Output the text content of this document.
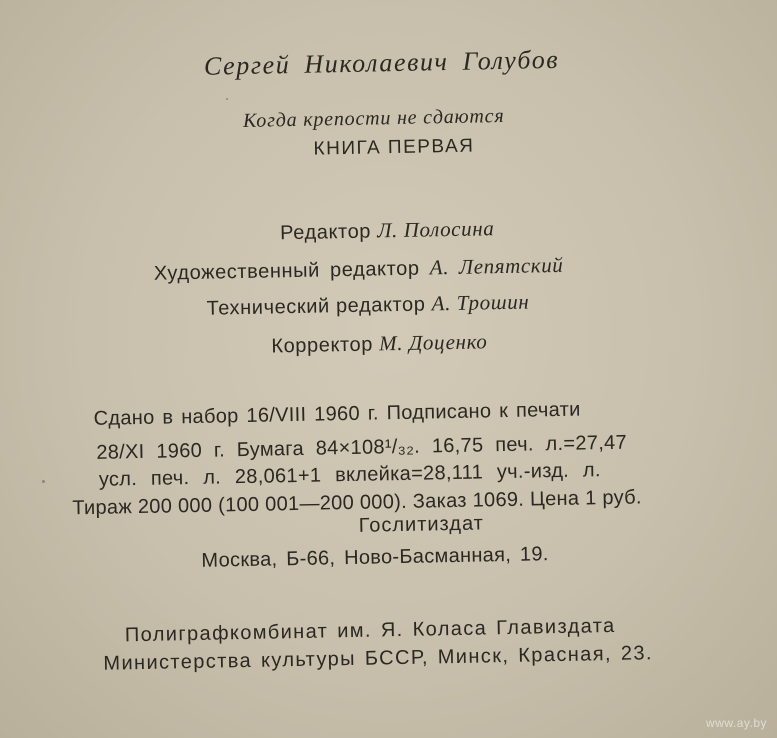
Сергей Николаевич Голубов
Когда крепости не сдаются
КНИГА ПЕРВАЯ
Редактор Л. Полосина
Художественный редактор А. Лепятский
Технический редактор А. Трошин
Корректор М. Доценко
Сдано в набор 16/VIII 1960 г. Подписано к печати
28/XI 1960 г. Бумага 84×108¹/₃₂. 16,75 печ. л.=27,47
усл. печ. л. 28,061+1 вклейка=28,111 уч.-изд. л.
Тираж 200 000 (100 001—200 000). Заказ 1069. Цена 1 руб.
Гослитиздат
Москва, Б-66, Ново-Басманная, 19.
Полиграфкомбинат им. Я. Коласа Главиздата
Министерства культуры БССР, Минск, Красная, 23.
www.ay.by
